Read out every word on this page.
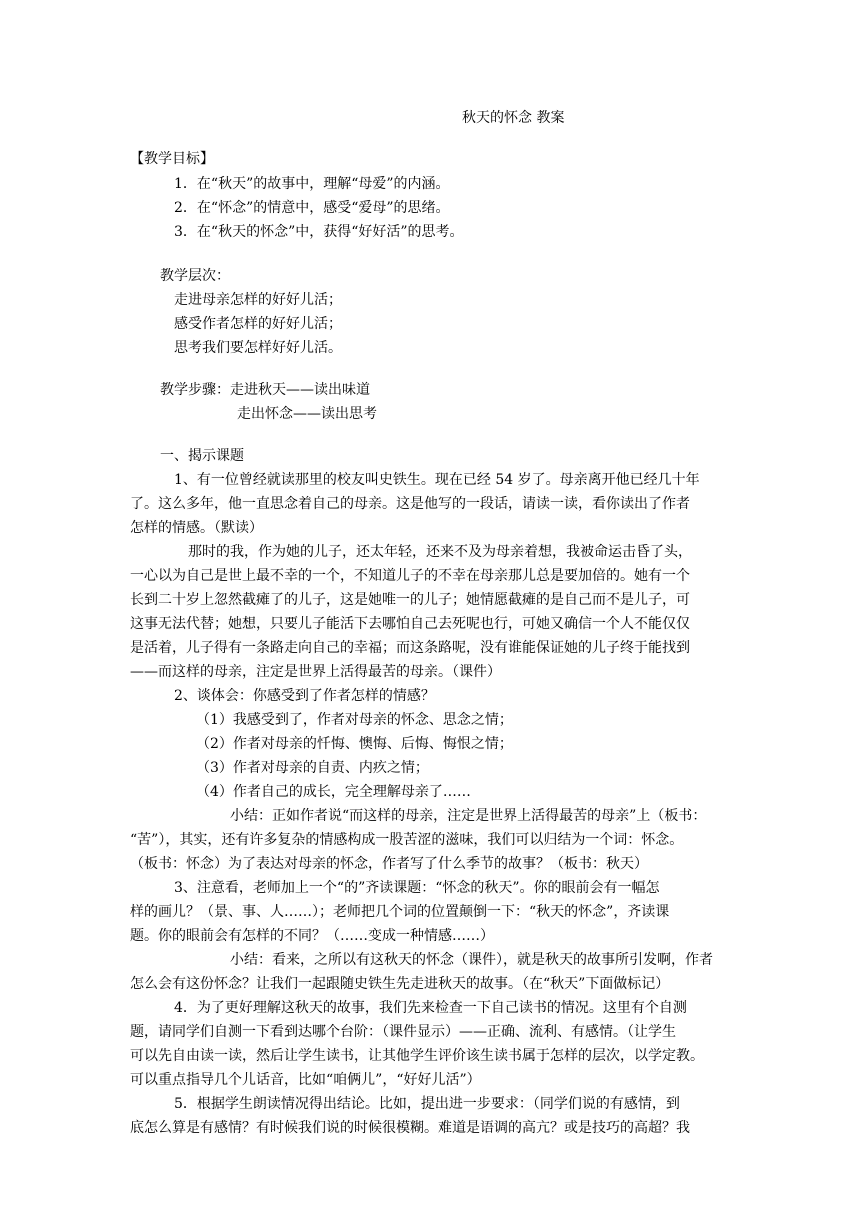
秋天的怀念 教案
【教学目标】
1．在“秋天”的故事中，理解“母爱”的内涵。
2．在“怀念”的情意中，感受“爱母”的思绪。
3．在“秋天的怀念”中，获得“好好活”的思考。
教学层次：
走进母亲怎样的好好儿活；
感受作者怎样的好好儿活；
思考我们要怎样好好儿活。
教学步骤：走进秋天——读出味道
走出怀念——读出思考
一、揭示课题
1、有一位曾经就读那里的校友叫史铁生。现在已经 54 岁了。母亲离开他已经几十年
了。这么多年，他一直思念着自己的母亲。这是他写的一段话，请读一读，看你读出了作者
怎样的情感。（默读）
那时的我，作为她的儿子，还太年轻，还来不及为母亲着想，我被命运击昏了头，
一心以为自己是世上最不幸的一个，不知道儿子的不幸在母亲那儿总是要加倍的。她有一个
长到二十岁上忽然截瘫了的儿子，这是她唯一的儿子；她情愿截瘫的是自己而不是儿子，可
这事无法代替；她想，只要儿子能活下去哪怕自己去死呢也行，可她又确信一个人不能仅仅
是活着，儿子得有一条路走向自己的幸福；而这条路呢，没有谁能保证她的儿子终于能找到
——而这样的母亲，注定是世界上活得最苦的母亲。（课件）
2、谈体会：你感受到了作者怎样的情感？
（1）我感受到了，作者对母亲的怀念、思念之情；
（2）作者对母亲的忏悔、懊悔、后悔、悔恨之情；
（3）作者对母亲的自责、内疚之情；
（4）作者自己的成长，完全理解母亲了……
小结：正如作者说“而这样的母亲，注定是世界上活得最苦的母亲”上（板书：
“苦”），其实，还有许多复杂的情感构成一股苦涩的滋味，我们可以归结为一个词：怀念。
（板书：怀念）为了表达对母亲的怀念，作者写了什么季节的故事？（板书：秋天）
3、注意看，老师加上一个“的”齐读课题：“怀念的秋天”。你的眼前会有一幅怎
样的画儿？（景、事、人……）；老师把几个词的位置颠倒一下：“秋天的怀念”，齐读课
题。你的眼前会有怎样的不同？（……变成一种情感……）
小结：看来，之所以有这秋天的怀念（课件），就是秋天的故事所引发啊，作者
怎么会有这份怀念？让我们一起跟随史铁生先走进秋天的故事。（在“秋天”下面做标记）
4．为了更好理解这秋天的故事，我们先来检查一下自己读书的情况。这里有个自测
题，请同学们自测一下看到达哪个台阶：（课件显示）——正确、流利、有感情。（让学生
可以先自由读一读，然后让学生读书，让其他学生评价该生读书属于怎样的层次，以学定教。
可以重点指导几个儿话音，比如“咱俩儿”，“好好儿活”）
5．根据学生朗读情况得出结论。比如，提出进一步要求：（同学们说的有感情，到
底怎么算是有感情？有时候我们说的时候很模糊。难道是语调的高亢？或是技巧的高超？我
